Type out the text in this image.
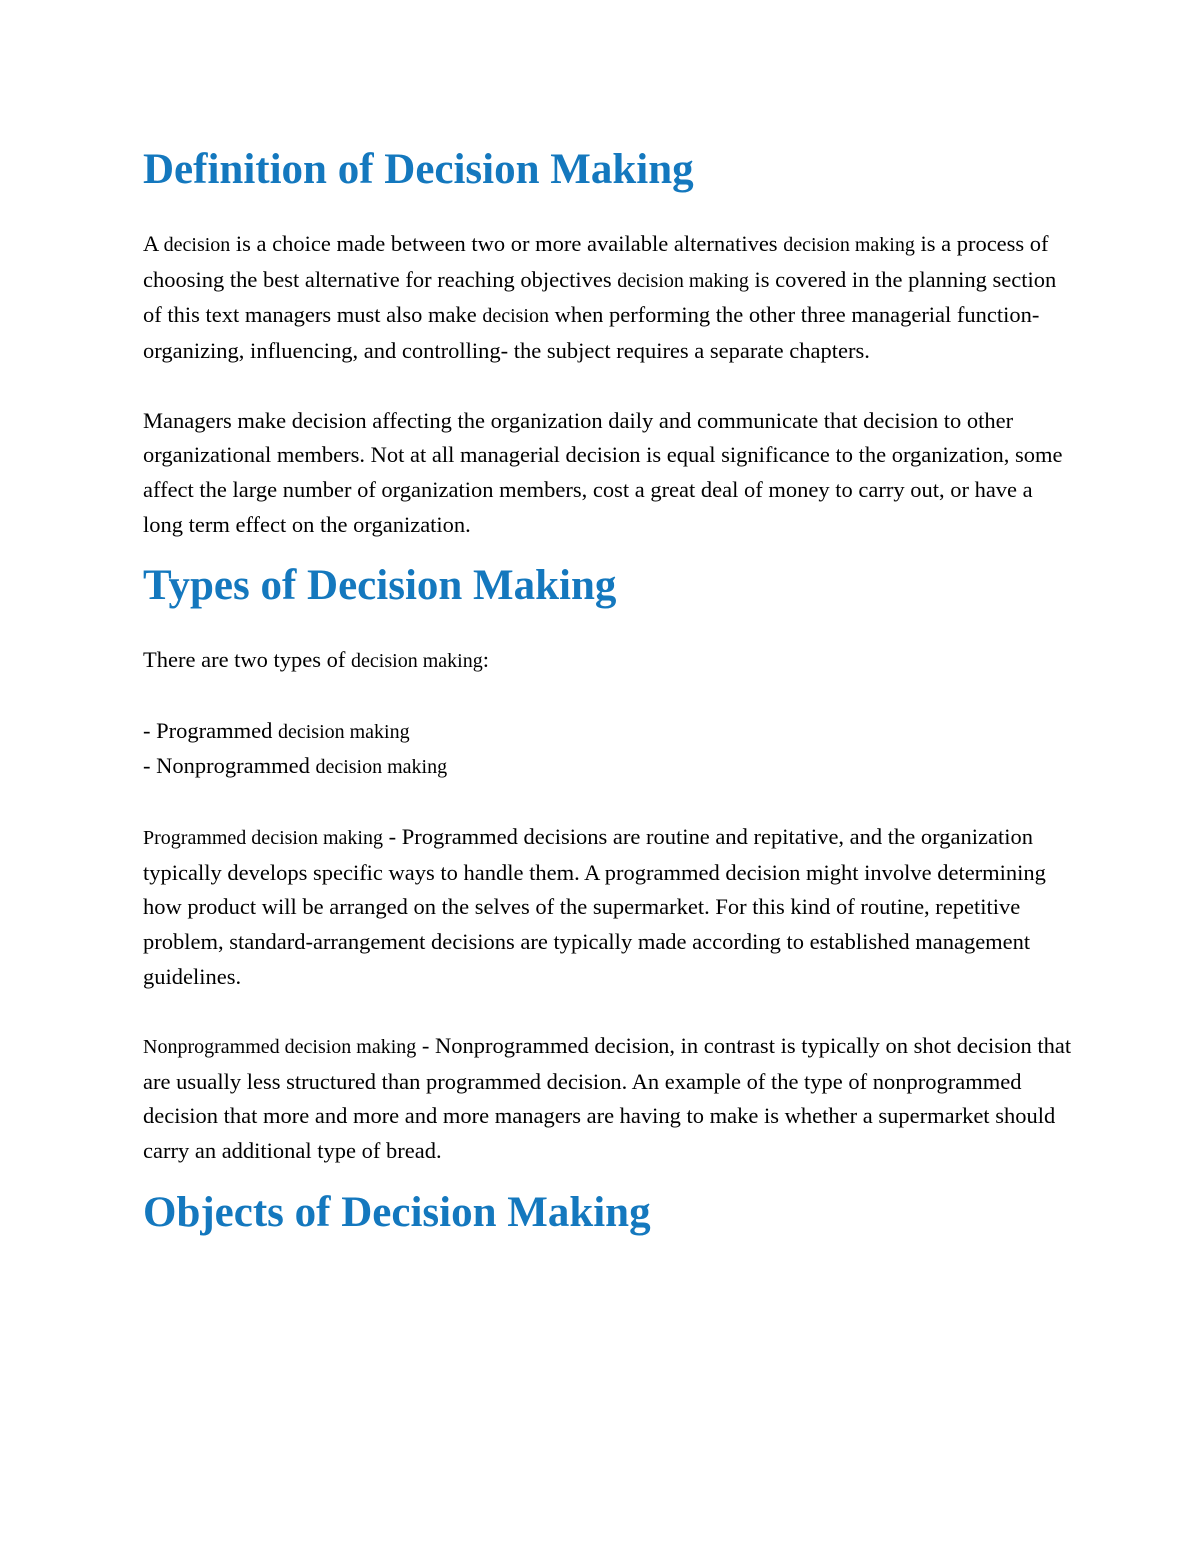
Definition of Decision Making

A decision is a choice made between two or more available alternatives decision making is a process of choosing the best alternative for reaching objectives decision making is covered in the planning section of this text managers must also make decision when performing the other three managerial function-organizing, influencing, and controlling- the subject requires a separate chapters.

Managers make decision affecting the organization daily and communicate that decision to other organizational members. Not at all managerial decision is equal significance to the organization, some affect the large number of organization members, cost a great deal of money to carry out, or have a long term effect on the organization.

Types of Decision Making

There are two types of decision making:

- Programmed decision making
- Nonprogrammed decision making

Programmed decision making - Programmed decisions are routine and repitative, and the organization typically develops specific ways to handle them. A programmed decision might involve determining how product will be arranged on the selves of the supermarket. For this kind of routine, repetitive problem, standard-arrangement decisions are typically made according to established management guidelines.

Nonprogrammed decision making - Nonprogrammed decision, in contrast is typically on shot decision that are usually less structured than programmed decision. An example of the type of nonprogrammed decision that more and more and more managers are having to make is whether a supermarket should carry an additional type of bread.

Objects of Decision Making
